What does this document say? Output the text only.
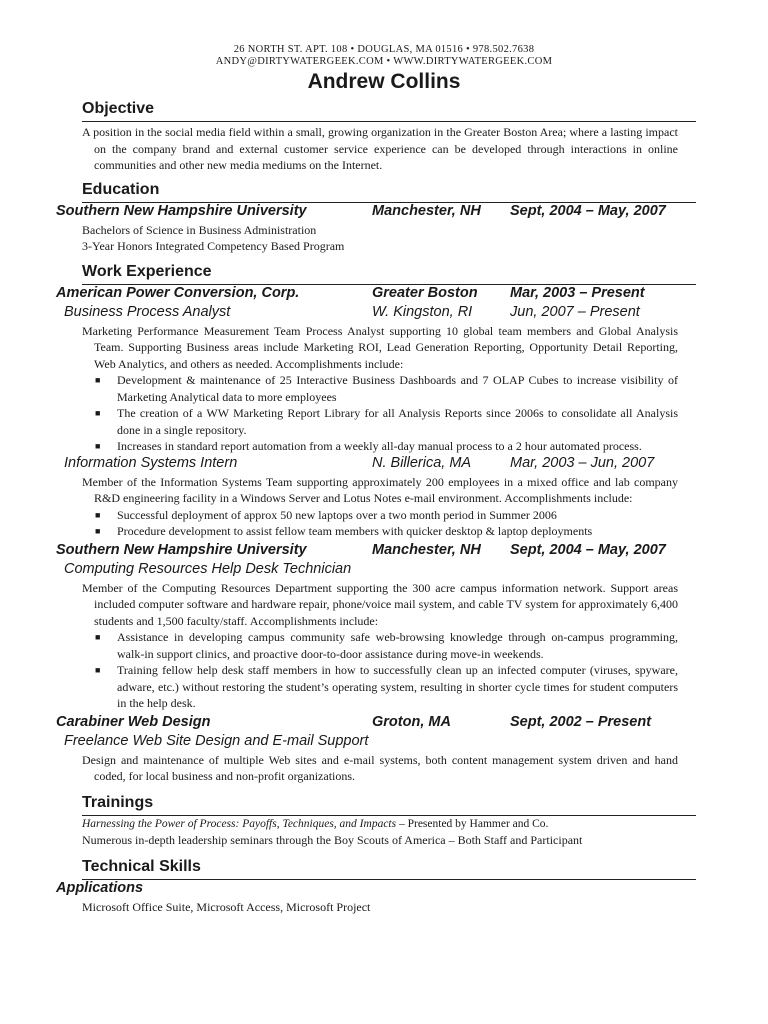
26 NORTH ST. APT. 108 • DOUGLAS, MA 01516 • 978.502.7638
ANDY@DIRTYWATERGEEK.COM • WWW.DIRTYWATERGEEK.COM
Andrew Collins
Objective
A position in the social media field within a small, growing organization in the Greater Boston Area; where a lasting impact on the company brand and external customer service experience can be developed through interactions in online communities and other new media mediums on the Internet.
Education
Southern New Hampshire University	Manchester, NH Sept, 2004 – May, 2007
Bachelors of Science in Business Administration
3-Year Honors Integrated Competency Based Program
Work Experience
American Power Conversion, Corp.	Greater Boston Mar, 2003 – Present
Business Process Analyst	W. Kingston, RI	Jun, 2007 – Present
Marketing Performance Measurement Team Process Analyst supporting 10 global team members and Global Analysis Team. Supporting Business areas include Marketing ROI, Lead Generation Reporting, Opportunity Detail Reporting, Web Analytics, and others as needed. Accomplishments include:
■ Development & maintenance of 25 Interactive Business Dashboards and 7 OLAP Cubes to increase visibility of Marketing Analytical data to more employees
■ The creation of a WW Marketing Report Library for all Analysis Reports since 2006s to consolidate all Analysis done in a single repository.
■ Increases in standard report automation from a weekly all-day manual process to a 2 hour automated process.
Information Systems Intern	N. Billerica, MA	Mar, 2003 – Jun, 2007
Member of the Information Systems Team supporting approximately 200 employees in a mixed office and lab company R&D engineering facility in a Windows Server and Lotus Notes e-mail environment. Accomplishments include:
■ Successful deployment of approx 50 new laptops over a two month period in Summer 2006
■ Procedure development to assist fellow team members with quicker desktop & laptop deployments
Southern New Hampshire University	Manchester, NH Sept, 2004 – May, 2007
Computing Resources Help Desk Technician
Member of the Computing Resources Department supporting the 300 acre campus information network. Support areas included computer software and hardware repair, phone/voice mail system, and cable TV system for approximately 6,400 students and 1,500 faculty/staff. Accomplishments include:
■ Assistance in developing campus community safe web-browsing knowledge through on-campus programming, walk-in support clinics, and proactive door-to-door assistance during move-in weekends.
■ Training fellow help desk staff members in how to successfully clean up an infected computer (viruses, spyware, adware, etc.) without restoring the student’s operating system, resulting in shorter cycle times for student computers in the help desk.
Carabiner Web Design	Groton, MA	Sept, 2002 – Present
Freelance Web Site Design and E-mail Support
Design and maintenance of multiple Web sites and e-mail systems, both content management system driven and hand coded, for local business and non-profit organizations.
Trainings
Harnessing the Power of Process: Payoffs, Techniques, and Impacts – Presented by Hammer and Co.
Numerous in-depth leadership seminars through the Boy Scouts of America – Both Staff and Participant
Technical Skills
Applications
Microsoft Office Suite, Microsoft Access, Microsoft Project
